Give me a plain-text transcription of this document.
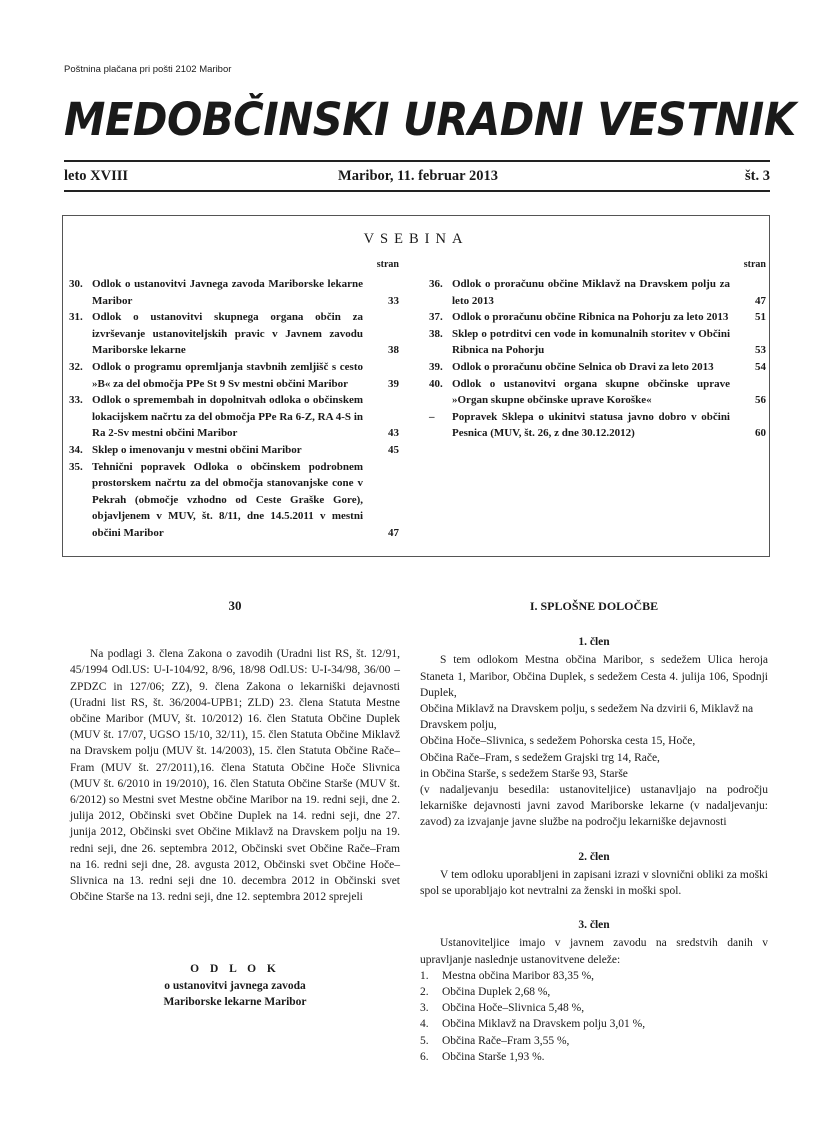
Poštnina plačana pri pošti 2102 Maribor
MEDOBČINSKI URADNI VESTNIK
leto XVIII	Maribor, 11. februar 2013	št. 3
VSEBINA
stran
30. Odlok o ustanovitvi Javnega zavoda Mariborske lekarne Maribor	33
31. Odlok o ustanovitvi skupnega organa občin za izvrševanje ustanoviteljskih pravic v Javnem zavodu Mariborske lekarne	38
32. Odlok o programu opremljanja stavbnih zemljišč s cesto »B« za del območja PPe St 9 Sv mestni občini Maribor	39
33. Odlok o spremembah in dopolnitvah odloka o občinskem lokacijskem načrtu za del območja PPe Ra 6-Z, RA 4-S in Ra 2-Sv mestni občini Maribor	43
34. Sklep o imenovanju v mestni občini Maribor	45
35. Tehnični popravek Odloka o občinskem podrobnem prostorskem načrtu za del območja stanovanjske cone v Pekrah (območje vzhodno od Ceste Graške Gore), objavljenem v MUV, št. 8/11, dne 14.5.2011 v mestni občini Maribor	47
stran
36. Odlok o proračunu občine Miklavž na Dravskem polju za leto 2013	47
37. Odlok o proračunu občine Ribnica na Pohorju za leto 2013	51
38. Sklep o potrditvi cen vode in komunalnih storitev v Občini Ribnica na Pohorju	53
39. Odlok o proračunu občine Selnica ob Dravi za leto 2013	54
40. Odlok o ustanovitvi organa skupne občinske uprave »Organ skupne občinske uprave Koroške«	56
–	Popravek Sklepa o ukinitvi statusa javno dobro v občini Pesnica (MUV, št. 26, z dne 30.12.2012)	60
30

Na podlagi 3. člena Zakona o zavodih (Uradni list RS, št. 12/91, 45/1994 Odl.US: U-I-104/92, 8/96, 18/98 Odl.US: U-I-34/98, 36/00 – ZPDZC in 127/06; ZZ), 9. člena Zakona o lekarniški dejavnosti (Uradni list RS, št. 36/2004-UPB1; ZLD) 23. člena Statuta Mestne občine Maribor (MUV, št. 10/2012) 16. člen Statuta Občine Duplek (MUV št. 17/07, UGSO 15/10, 32/11), 15. člen Statuta Občine Miklavž na Dravskem polju (MUV št. 14/2003), 15. člen Statuta Občine Rače–Fram (MUV št. 27/2011),16. člena Statuta Občine Hoče Slivnica (MUV št. 6/2010 in 19/2010), 16. člen Statuta Občine Starše (MUV št. 6/2012) so Mestni svet Mestne občine Maribor na 19. redni seji, dne 2. julija 2012, Občinski svet Občine Duplek na 14. redni seji, dne 27. junija 2012, Občinski svet Občine Miklavž na Dravskem polju na 19. redni seji, dne 26. septembra 2012, Občinski svet Občine Rače–Fram na 16. redni seji dne, 28. avgusta 2012, Občinski svet Občine Hoče–Slivnica na 13. redni seji dne 10. decembra 2012 in Občinski svet Občine Starše na 13. redni seji, dne 12. septembra 2012 sprejeli

O D L O K
o ustanovitvi javnega zavoda
Mariborske lekarne Maribor
I. SPLOŠNE DOLOČBE
1. člen

S tem odlokom Mestna občina Maribor, s sedežem Ulica heroja Staneta 1, Maribor, Občina Duplek, s sedežem Cesta 4. julija 106, Spodnji Duplek,

Občina Miklavž na Dravskem polju, s sedežem Na dzvirii 6, Miklavž na Dravskem polju,

Občina Hoče–Slivnica, s sedežem Pohorska cesta 15, Hoče,

Občina Rače–Fram, s sedežem Grajski trg 14, Rače,

in Občina Starše, s sedežem Starše 93, Starše

(v nadaljevanju besedila: ustanoviteljice) ustanavljajo na področju lekarniške dejavnosti javni zavod Mariborske lekarne (v nadaljevanju: zavod) za izvajanje javne službe na področju lekarniške dejavnosti

2. člen

V tem odloku uporabljeni in zapisani izrazi v slovnični obliki za moški spol se uporabljajo kot nevtralni za ženski in moški spol.

3. člen

Ustanoviteljice imajo v javnem zavodu na sredstvih danih v upravljanje naslednje ustanovitvene deleže:

1.	Mestna občina Maribor 83,35 %,
2.	Občina Duplek 2,68 %,
3.	Občina Hoče–Slivnica 5,48 %,
4.	Občina Miklavž na Dravskem polju 3,01 %,
5.	Občina Rače–Fram 3,55 %,
6.	Občina Starše 1,93 %.
